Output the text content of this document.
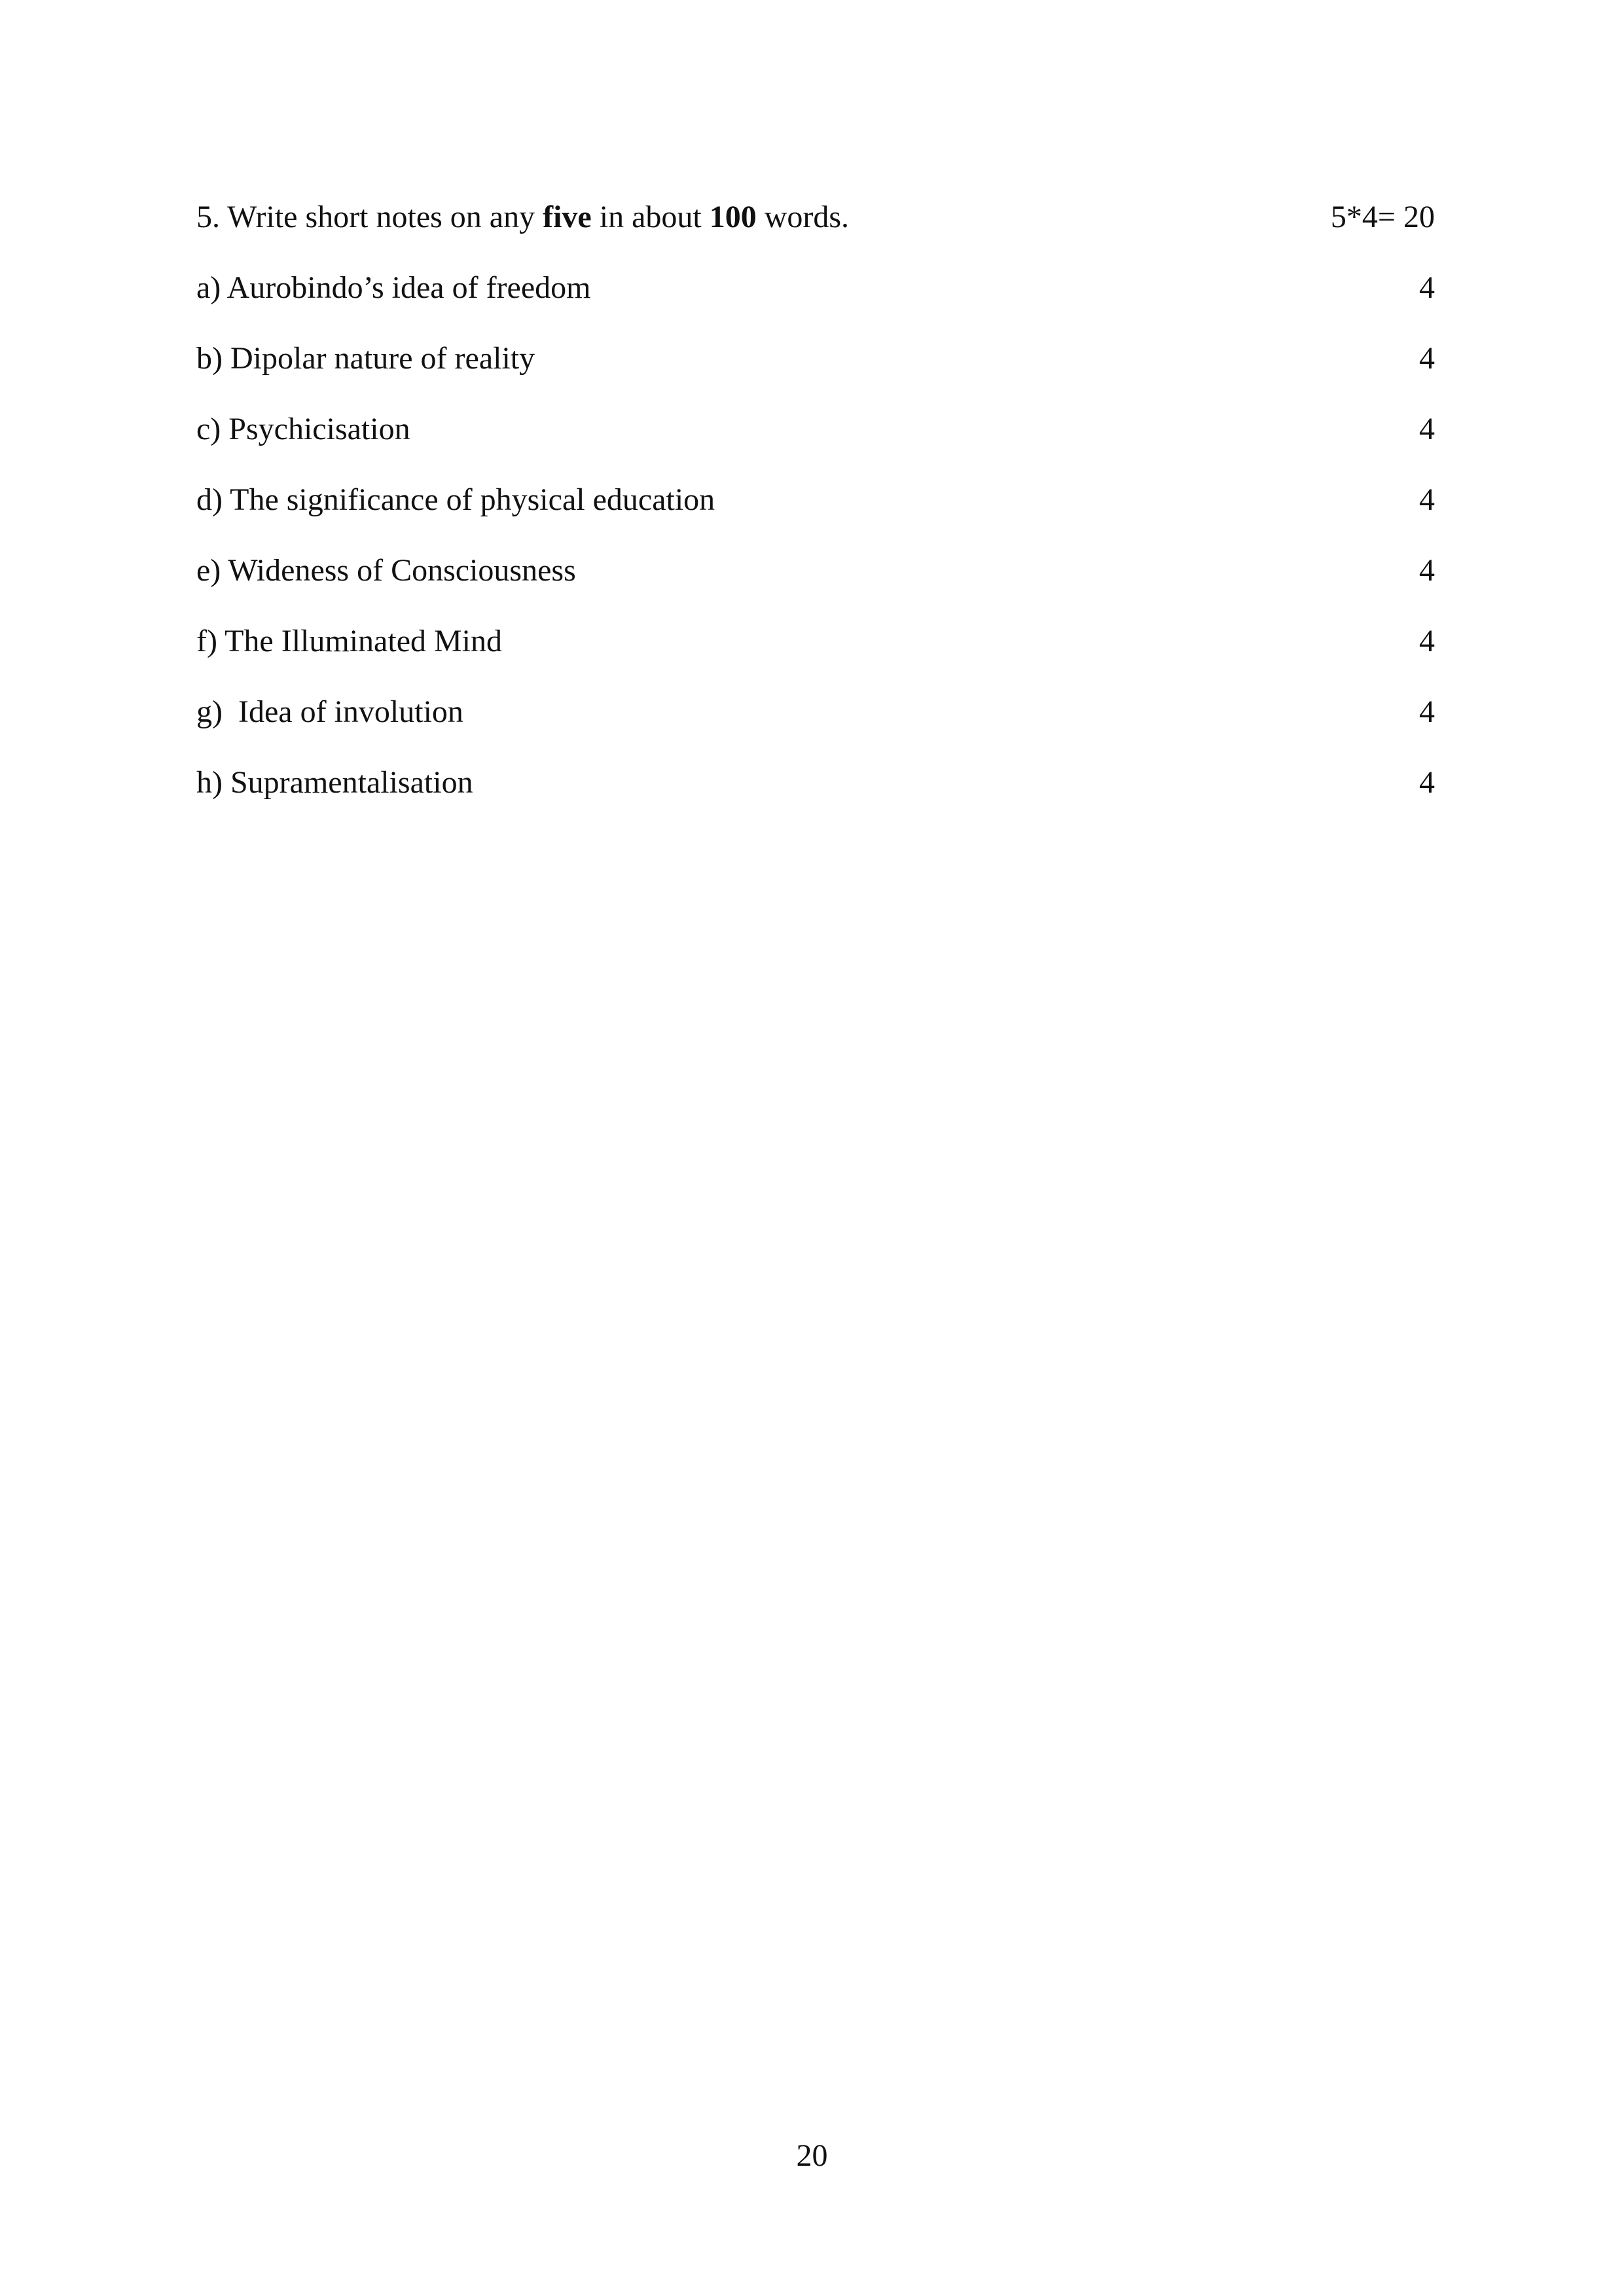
5. Write short notes on any five in about 100 words.	5*4= 20
a) Aurobindo’s idea of freedom	4
b) Dipolar nature of reality	4
c) Psychicisation	4
d) The significance of physical education	4
e) Wideness of Consciousness	4
f) The Illuminated Mind	4
g)  Idea of involution	4
h) Supramentalisation	4
20
